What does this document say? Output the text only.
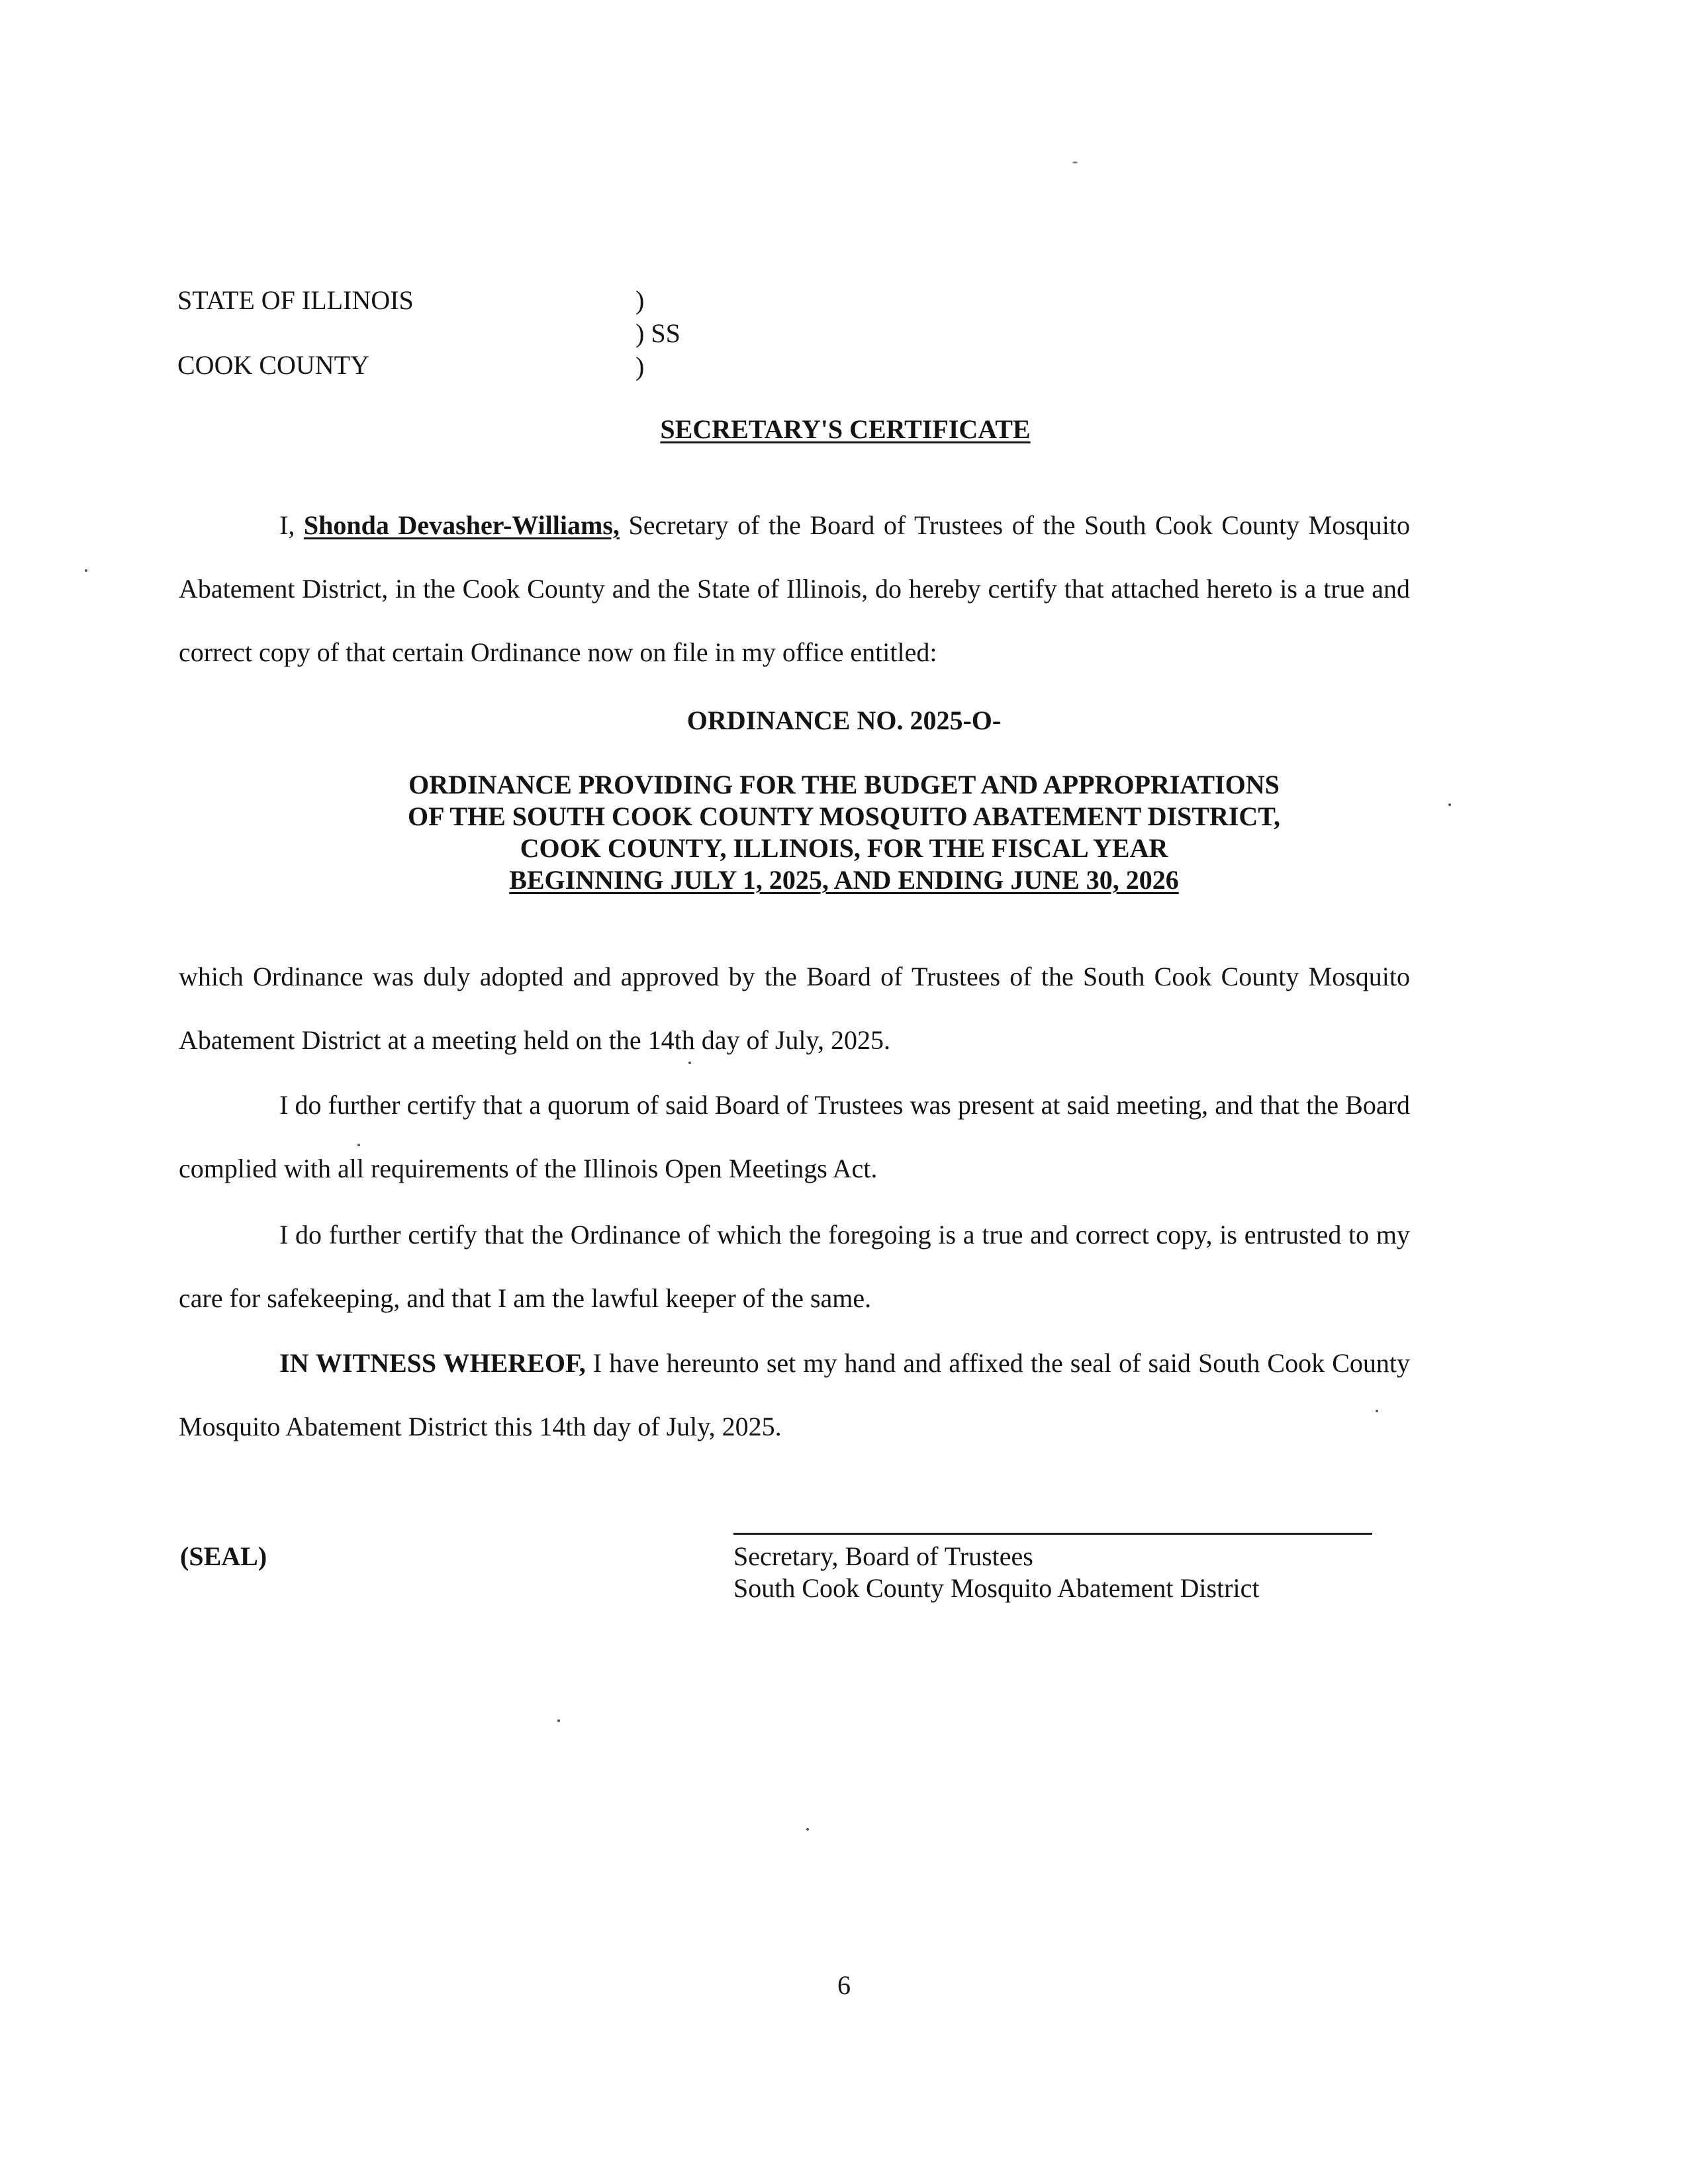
STATE OF ILLINOIS
COOK COUNTY
)
) SS
)
SECRETARY'S CERTIFICATE
I, Shonda Devasher-Williams, Secretary of the Board of Trustees of the South Cook County Mosquito Abatement District, in the Cook County and the State of Illinois, do hereby certify that attached hereto is a true and correct copy of that certain Ordinance now on file in my office entitled:
ORDINANCE NO. 2025-O-
ORDINANCE PROVIDING FOR THE BUDGET AND APPROPRIATIONS
OF THE SOUTH COOK COUNTY MOSQUITO ABATEMENT DISTRICT,
COOK COUNTY, ILLINOIS, FOR THE FISCAL YEAR
BEGINNING JULY 1, 2025, AND ENDING JUNE 30, 2026
which Ordinance was duly adopted and approved by the Board of Trustees of the South Cook County Mosquito Abatement District at a meeting held on the 14th day of July, 2025.
I do further certify that a quorum of said Board of Trustees was present at said meeting, and that the Board complied with all requirements of the Illinois Open Meetings Act.
I do further certify that the Ordinance of which the foregoing is a true and correct copy, is entrusted to my care for safekeeping, and that I am the lawful keeper of the same.
IN WITNESS WHEREOF, I have hereunto set my hand and affixed the seal of said South Cook County Mosquito Abatement District this 14th day of July, 2025.
(SEAL)	Secretary, Board of Trustees
South Cook County Mosquito Abatement District
6
